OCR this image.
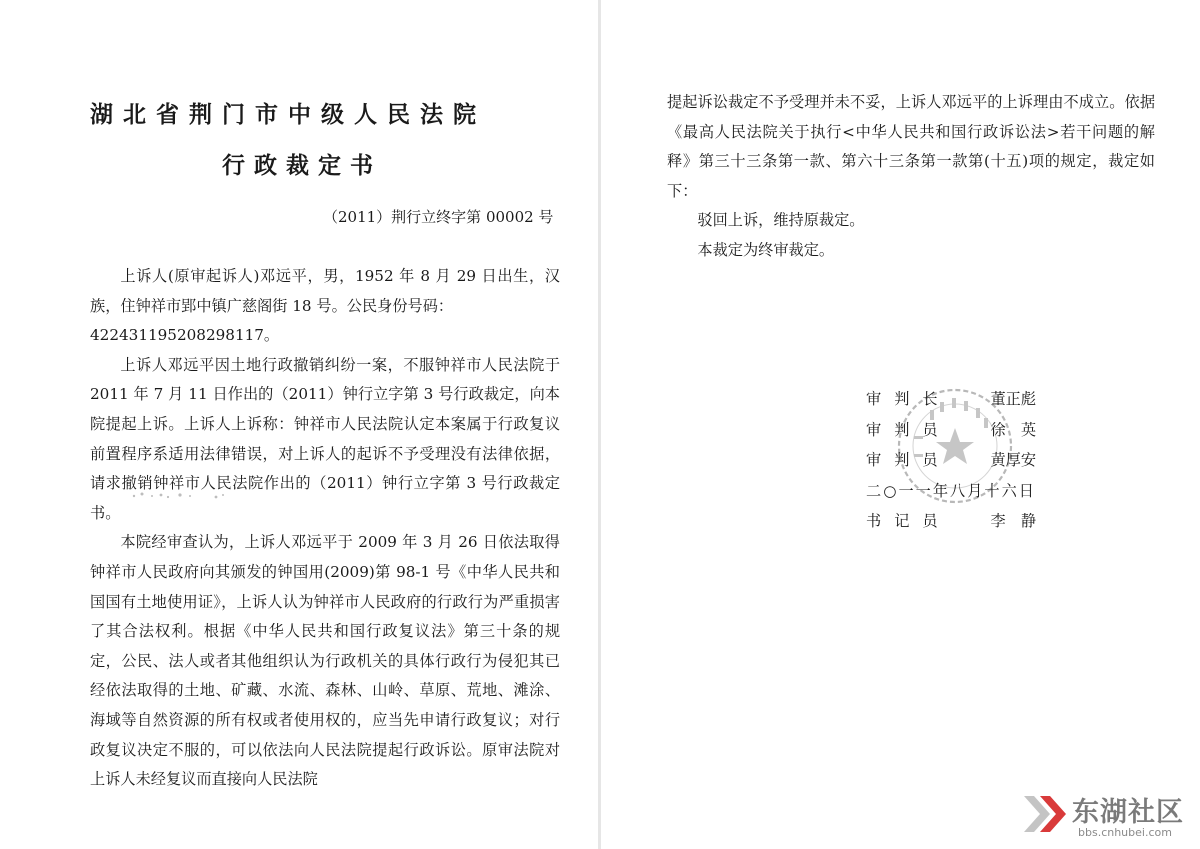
湖北省荆门市中级人民法院
行政裁定书
（2011）荆行立终字第 00002 号

上诉人(原审起诉人)邓远平，男，1952 年 8 月 29 日出生，汉族，住钟祥市郢中镇广慈阁街 18 号。公民身份号码：

422431195208298117。

上诉人邓远平因土地行政撤销纠纷一案，不服钟祥市人民法院于 2011 年 7 月 11 日作出的（2011）钟行立字第 3 号行政裁定，向本院提起上诉。上诉人上诉称：钟祥市人民法院认定本案属于行政复议前置程序系适用法律错误，对上诉人的起诉不予受理没有法律依据，请求撤销钟祥市人民法院作出的（2011）钟行立字第 3 号行政裁定书。

本院经审查认为，上诉人邓远平于 2009 年 3 月 26 日依法取得钟祥市人民政府向其颁发的钟国用(2009)第 98-1 号《中华人民共和国国有土地使用证》，上诉人认为钟祥市人民政府的行政行为严重损害了其合法权利。根据《中华人民共和国行政复议法》第三十条的规定，公民、法人或者其他组织认为行政机关的具体行政行为侵犯其已经依法取得的土地、矿藏、水流、森林、山岭、草原、荒地、滩涂、海域等自然资源的所有权或者使用权的，应当先申请行政复议；对行政复议决定不服的，可以依法向人民法院提起行政诉讼。原审法院对上诉人未经复议而直接向人民法院

提起诉讼裁定不予受理并未不妥，上诉人邓远平的上诉理由不成立。依据《最高人民法院关于执行<中华人民共和国行政诉讼法>若干问题的解释》第三十三条第一款、第六十三条第一款第(十五)项的规定，裁定如下：

驳回上诉，维持原裁定。

本裁定为终审裁定。

审判长	董正彪
审判员	徐　英
审判员	黄厚安
二○一一年八月十六日
书记员	李　静
东湖社区
bbs.cnhubei.com
